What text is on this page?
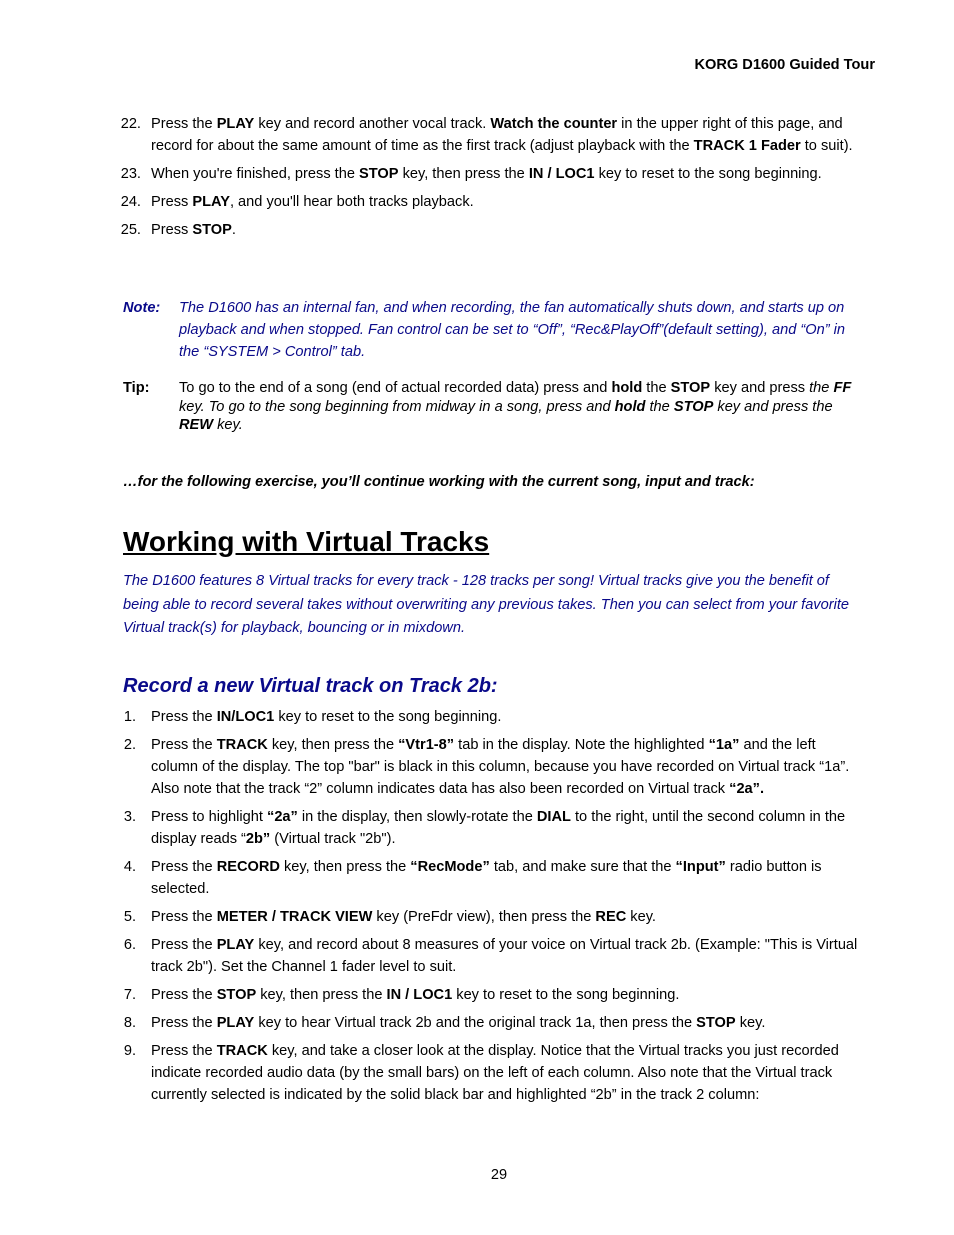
KORG D1600 Guided Tour
22. Press the PLAY key and record another vocal track. Watch the counter in the upper right of this page, and record for about the same amount of time as the first track (adjust playback with the TRACK 1 Fader to suit).
23. When you're finished, press the STOP key, then press the IN / LOC1 key to reset to the song beginning.
24. Press PLAY, and you'll hear both tracks playback.
25. Press STOP.
Note: The D1600 has an internal fan, and when recording, the fan automatically shuts down, and starts up on playback and when stopped. Fan control can be set to “Off”, “Rec&PlayOff”(default setting), and “On” in the “SYSTEM > Control” tab.
Tip: To go to the end of a song (end of actual recorded data) press and hold the STOP key and press the FF key. To go to the song beginning from midway in a song, press and hold the STOP key and press the REW key.
…for the following exercise, you’ll continue working with the current song, input and track:
Working with Virtual Tracks
The D1600 features 8 Virtual tracks for every track - 128 tracks per song! Virtual tracks give you the benefit of being able to record several takes without overwriting any previous takes. Then you can select from your favorite Virtual track(s) for playback, bouncing or in mixdown.
Record a new Virtual track on Track 2b:
1. Press the IN/LOC1 key to reset to the song beginning.
2. Press the TRACK key, then press the “Vtr1-8” tab in the display. Note the highlighted “1a” and the left column of the display. The top "bar" is black in this column, because you have recorded on Virtual track “1a”. Also note that the track “2” column indicates data has also been recorded on Virtual track “2a”.
3. Press to highlight “2a” in the display, then slowly-rotate the DIAL to the right, until the second column in the display reads “2b” (Virtual track "2b").
4. Press the RECORD key, then press the “RecMode” tab, and make sure that the “Input” radio button is selected.
5. Press the METER / TRACK VIEW key (PreFdr view), then press the REC key.
6. Press the PLAY key, and record about 8 measures of your voice on Virtual track 2b. (Example: "This is Virtual track 2b"). Set the Channel 1 fader level to suit.
7. Press the STOP key, then press the IN / LOC1 key to reset to the song beginning.
8. Press the PLAY key to hear Virtual track 2b and the original track 1a, then press the STOP key.
9. Press the TRACK key, and take a closer look at the display. Notice that the Virtual tracks you just recorded indicate recorded audio data (by the small bars) on the left of each column. Also note that the Virtual track currently selected is indicated by the solid black bar and highlighted “2b” in the track 2 column:
29
